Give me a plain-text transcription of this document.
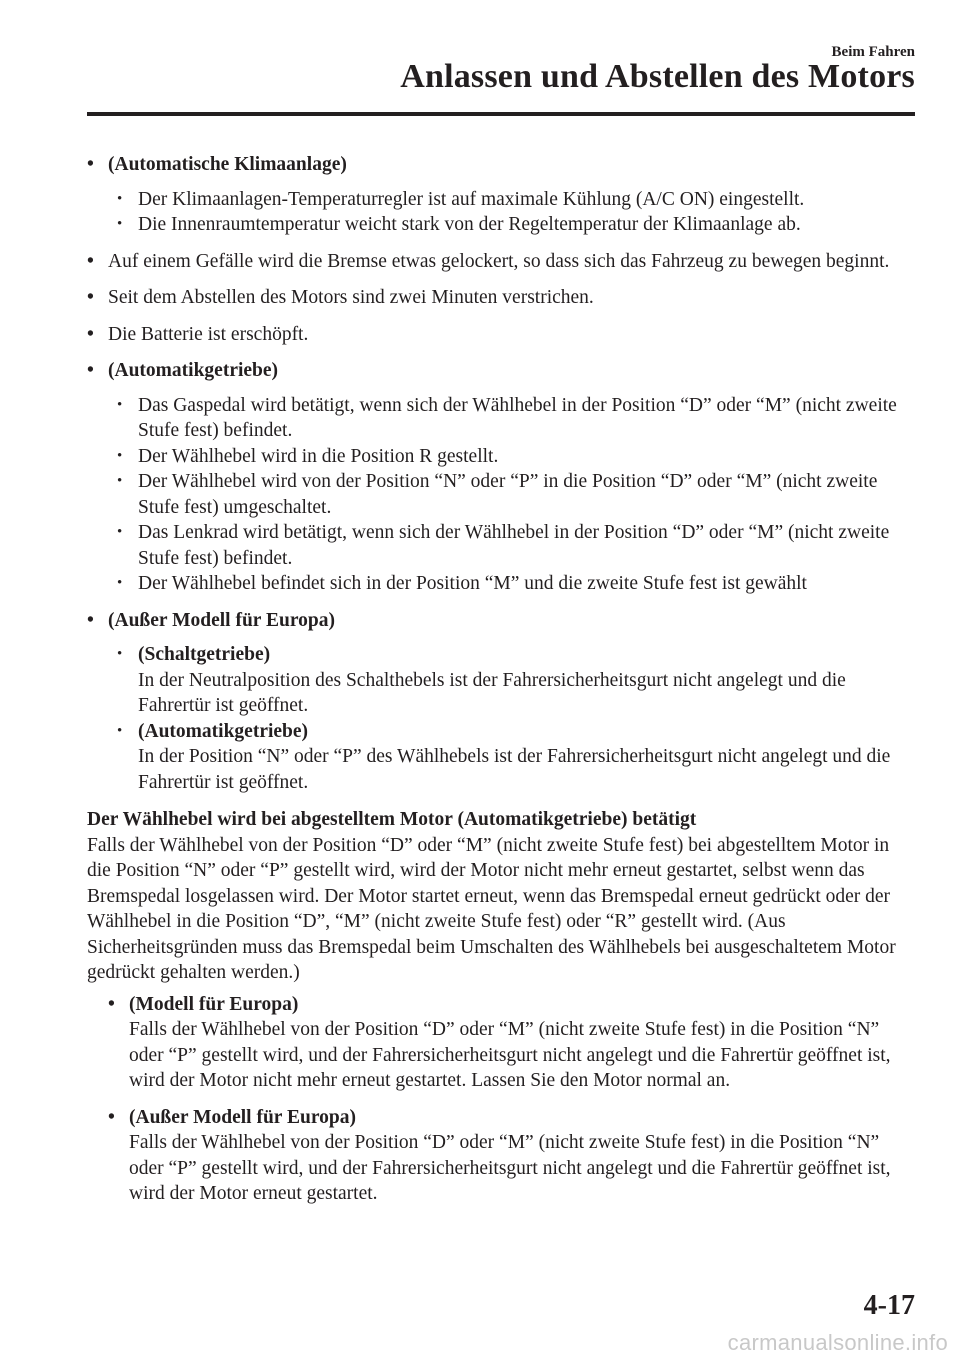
Beim Fahren
Anlassen und Abstellen des Motors
• (Automatische Klimaanlage)
• Der Klimaanlagen-Temperaturregler ist auf maximale Kühlung (A/C ON) eingestellt.
• Die Innenraumtemperatur weicht stark von der Regeltemperatur der Klimaanlage ab.
• Auf einem Gefälle wird die Bremse etwas gelockert, so dass sich das Fahrzeug zu bewegen beginnt.
• Seit dem Abstellen des Motors sind zwei Minuten verstrichen.
• Die Batterie ist erschöpft.
• (Automatikgetriebe)
• Das Gaspedal wird betätigt, wenn sich der Wählhebel in der Position “D” oder “M” (nicht zweite Stufe fest) befindet.
• Der Wählhebel wird in die Position R gestellt.
• Der Wählhebel wird von der Position “N” oder “P” in die Position “D” oder “M” (nicht zweite Stufe fest) umgeschaltet.
• Das Lenkrad wird betätigt, wenn sich der Wählhebel in der Position “D” oder “M” (nicht zweite Stufe fest) befindet.
• Der Wählhebel befindet sich in der Position “M” und die zweite Stufe fest ist gewählt
• (Außer Modell für Europa)
• (Schaltgetriebe)
In der Neutralposition des Schalthebels ist der Fahrersicherheitsgurt nicht angelegt und die Fahrertür ist geöffnet.
• (Automatikgetriebe)
In der Position “N” oder “P” des Wählhebels ist der Fahrersicherheitsgurt nicht angelegt und die Fahrertür ist geöffnet.
Der Wählhebel wird bei abgestelltem Motor (Automatikgetriebe) betätigt
Falls der Wählhebel von der Position “D” oder “M” (nicht zweite Stufe fest) bei abgestelltem Motor in die Position “N” oder “P” gestellt wird, wird der Motor nicht mehr erneut gestartet, selbst wenn das Bremspedal losgelassen wird. Der Motor startet erneut, wenn das Bremspedal erneut gedrückt oder der Wählhebel in die Position “D”, “M” (nicht zweite Stufe fest) oder “R” gestellt wird. (Aus Sicherheitsgründen muss das Bremspedal beim Umschalten des Wählhebels bei ausgeschaltetem Motor gedrückt gehalten werden.)
• (Modell für Europa)
Falls der Wählhebel von der Position “D” oder “M” (nicht zweite Stufe fest) in die Position “N” oder “P” gestellt wird, und der Fahrersicherheitsgurt nicht angelegt und die Fahrertür geöffnet ist, wird der Motor nicht mehr erneut gestartet. Lassen Sie den Motor normal an.
• (Außer Modell für Europa)
Falls der Wählhebel von der Position “D” oder “M” (nicht zweite Stufe fest) in die Position “N” oder “P” gestellt wird, und der Fahrersicherheitsgurt nicht angelegt und die Fahrertür geöffnet ist, wird der Motor erneut gestartet.
4-17
carmanualsonline.info
